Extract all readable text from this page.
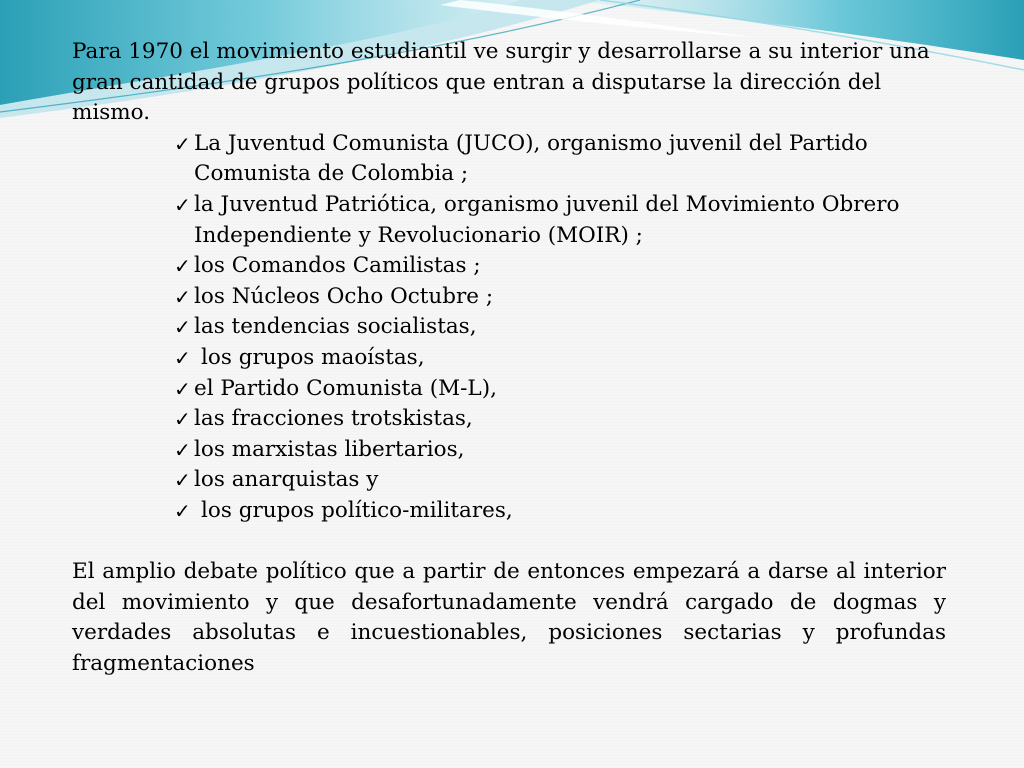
Para 1970 el movimiento estudiantil ve surgir y desarrollarse a su interior una gran cantidad de grupos políticos que entran a disputarse la dirección del mismo.

✓ La Juventud Comunista (JUCO), organismo juvenil del Partido Comunista de Colombia ;
✓ la Juventud Patriótica, organismo juvenil del Movimiento Obrero Independiente y Revolucionario (MOIR) ;
✓ los Comandos Camilistas ;
✓ los Núcleos Ocho Octubre ;
✓ las tendencias socialistas,
✓ los grupos maoístas,
✓ el Partido Comunista (M-L),
✓ las fracciones trotskistas,
✓ los marxistas libertarios,
✓ los anarquistas y
✓ los grupos político-militares,

El amplio debate político que a partir de entonces empezará a darse al interior del movimiento y que desafortunadamente vendrá cargado de dogmas y verdades absolutas e incuestionables, posiciones sectarias y profundas fragmentaciones
